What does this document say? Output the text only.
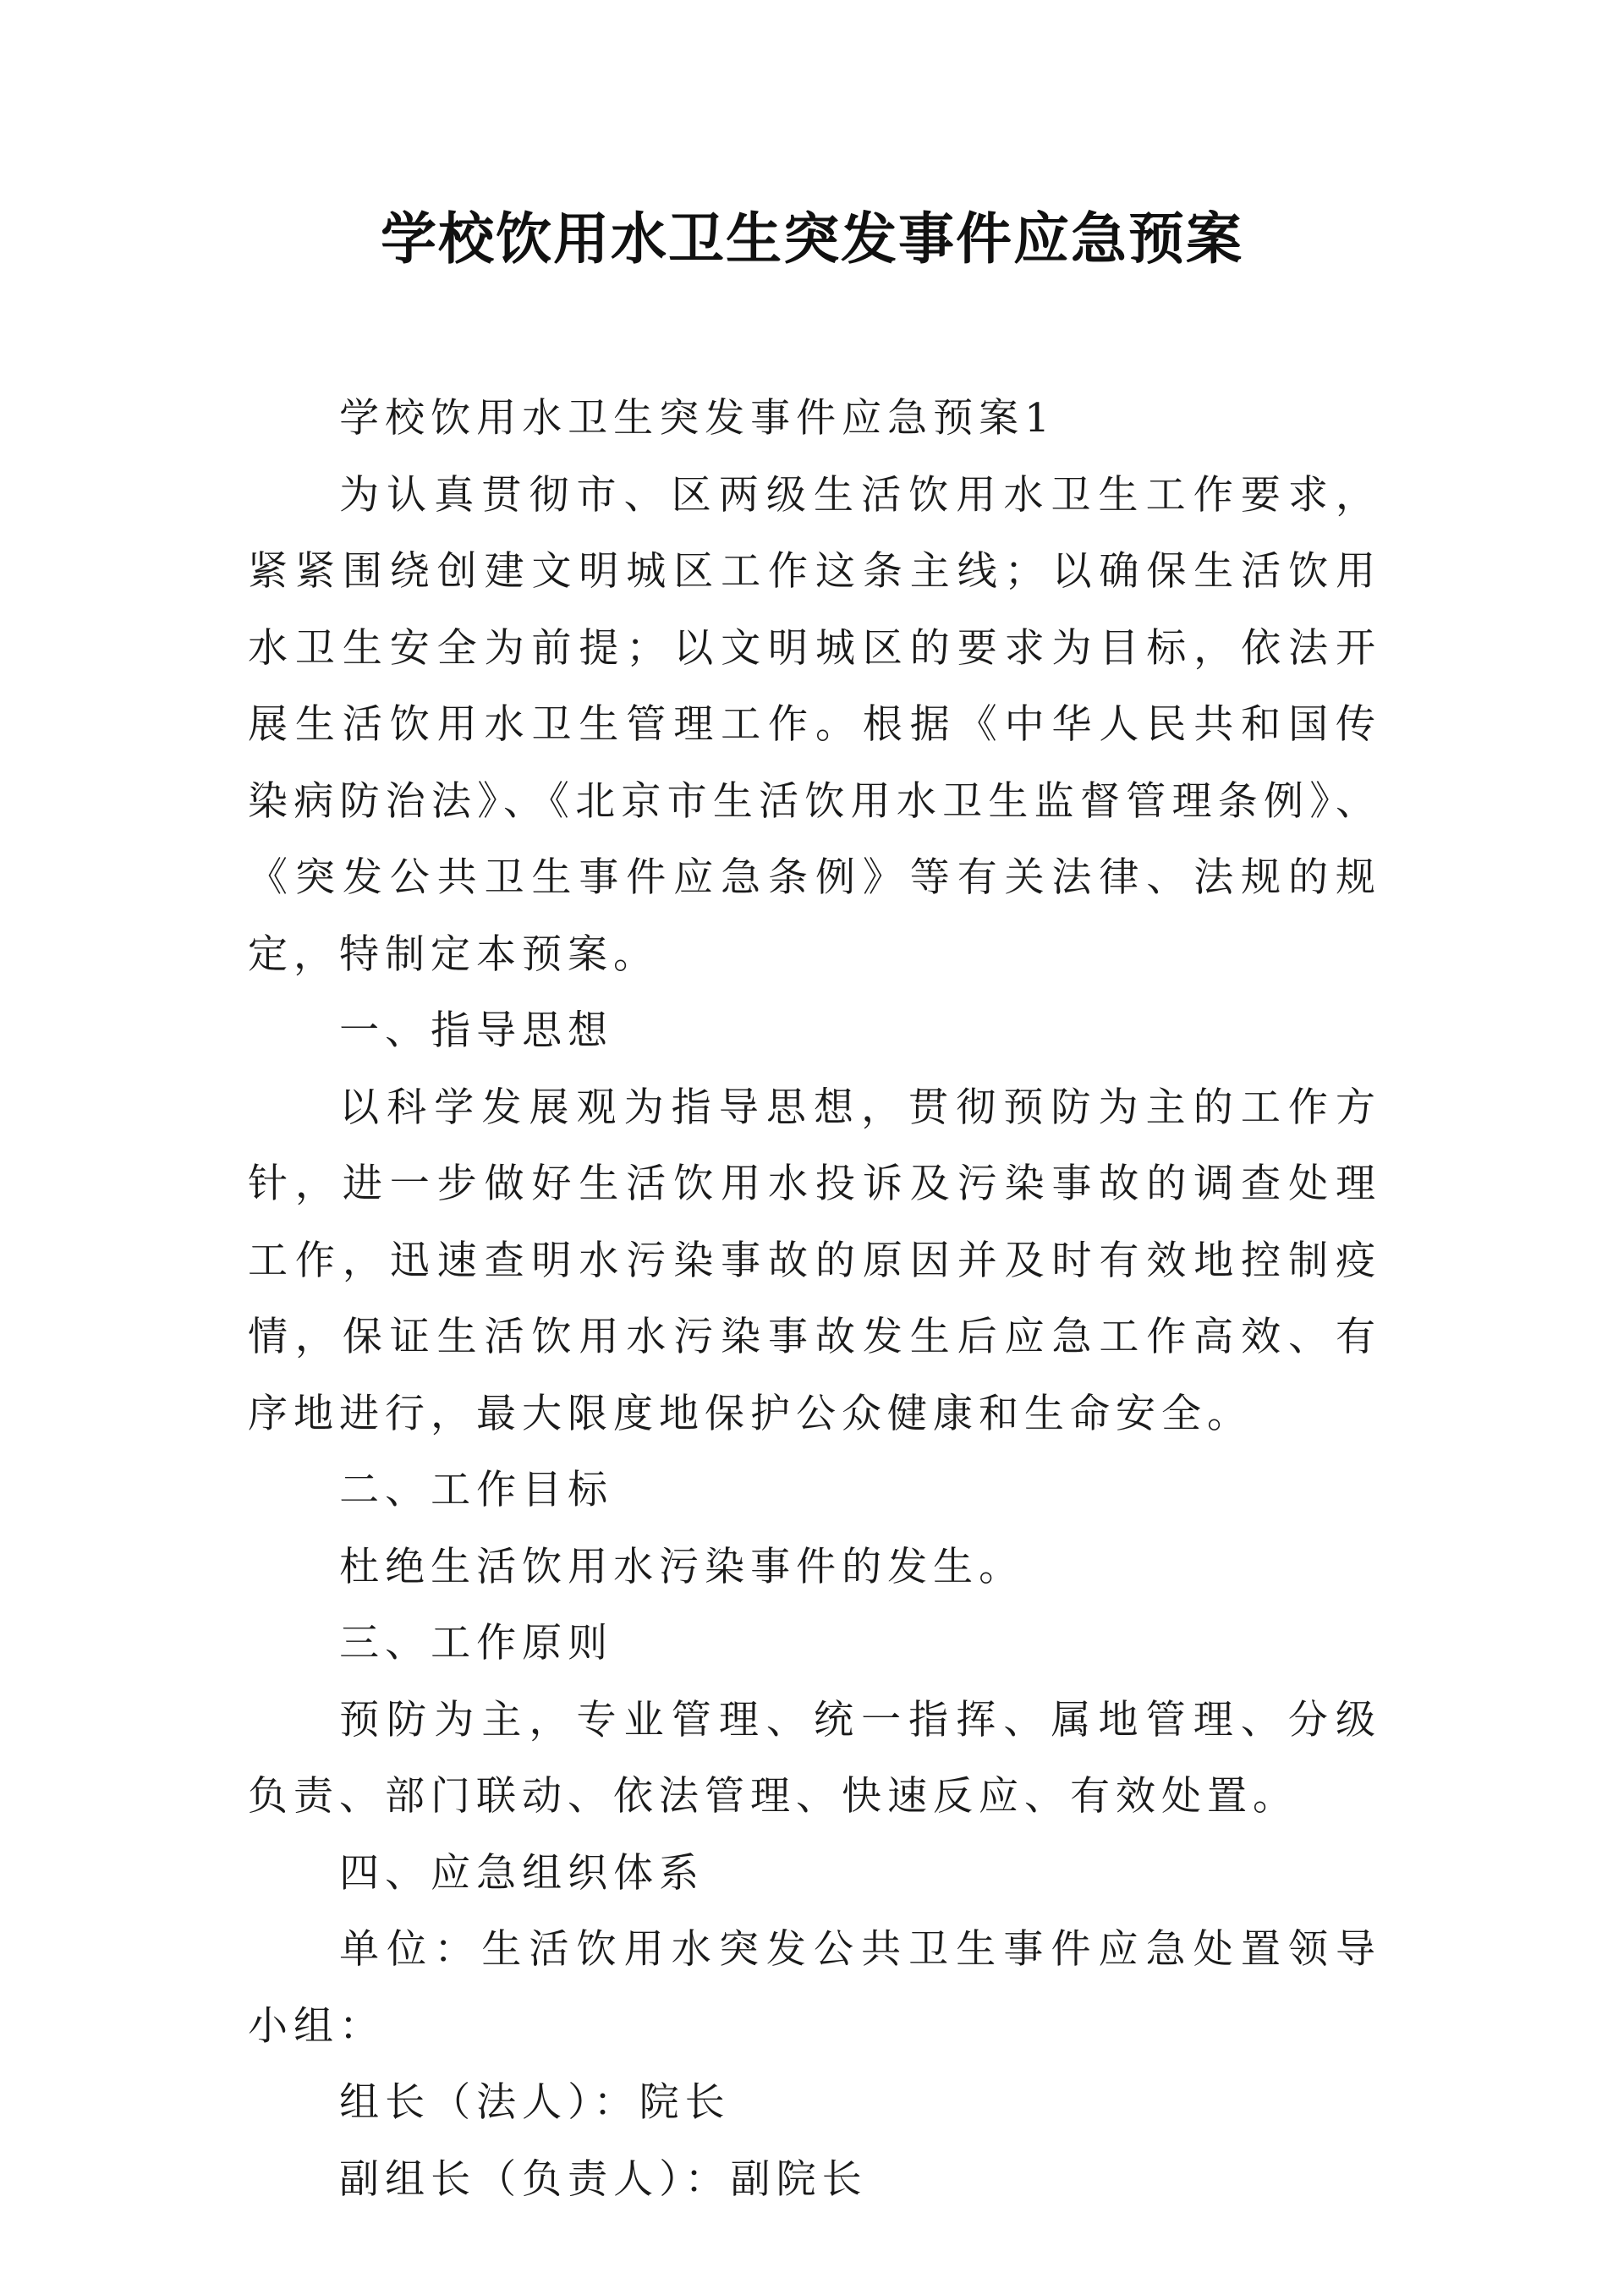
学校饮用水卫生突发事件应急预案

学校饮用水卫生突发事件应急预案1

为认真贯彻市、区两级生活饮用水卫生工作要求，紧紧围绕创建文明城区工作这条主线；以确保生活饮用水卫生安全为前提；以文明城区的要求为目标，依法开展生活饮用水卫生管理工作。根据《中华人民共和国传染病防治法》、《北京市生活饮用水卫生监督管理条例》、《突发公共卫生事件应急条例》等有关法律、法规的规定，特制定本预案。

一、指导思想

以科学发展观为指导思想，贯彻预防为主的工作方针，进一步做好生活饮用水投诉及污染事故的调查处理工作，迅速查明水污染事故的原因并及时有效地控制疫情，保证生活饮用水污染事故发生后应急工作高效、有序地进行，最大限度地保护公众健康和生命安全。

二、工作目标

杜绝生活饮用水污染事件的发生。

三、工作原则

预防为主，专业管理、统一指挥、属地管理、分级负责、部门联动、依法管理、快速反应、有效处置。

四、应急组织体系

单位：生活饮用水突发公共卫生事件应急处置领导小组：

组长（法人）：院长

副组长（负责人）：副院长
